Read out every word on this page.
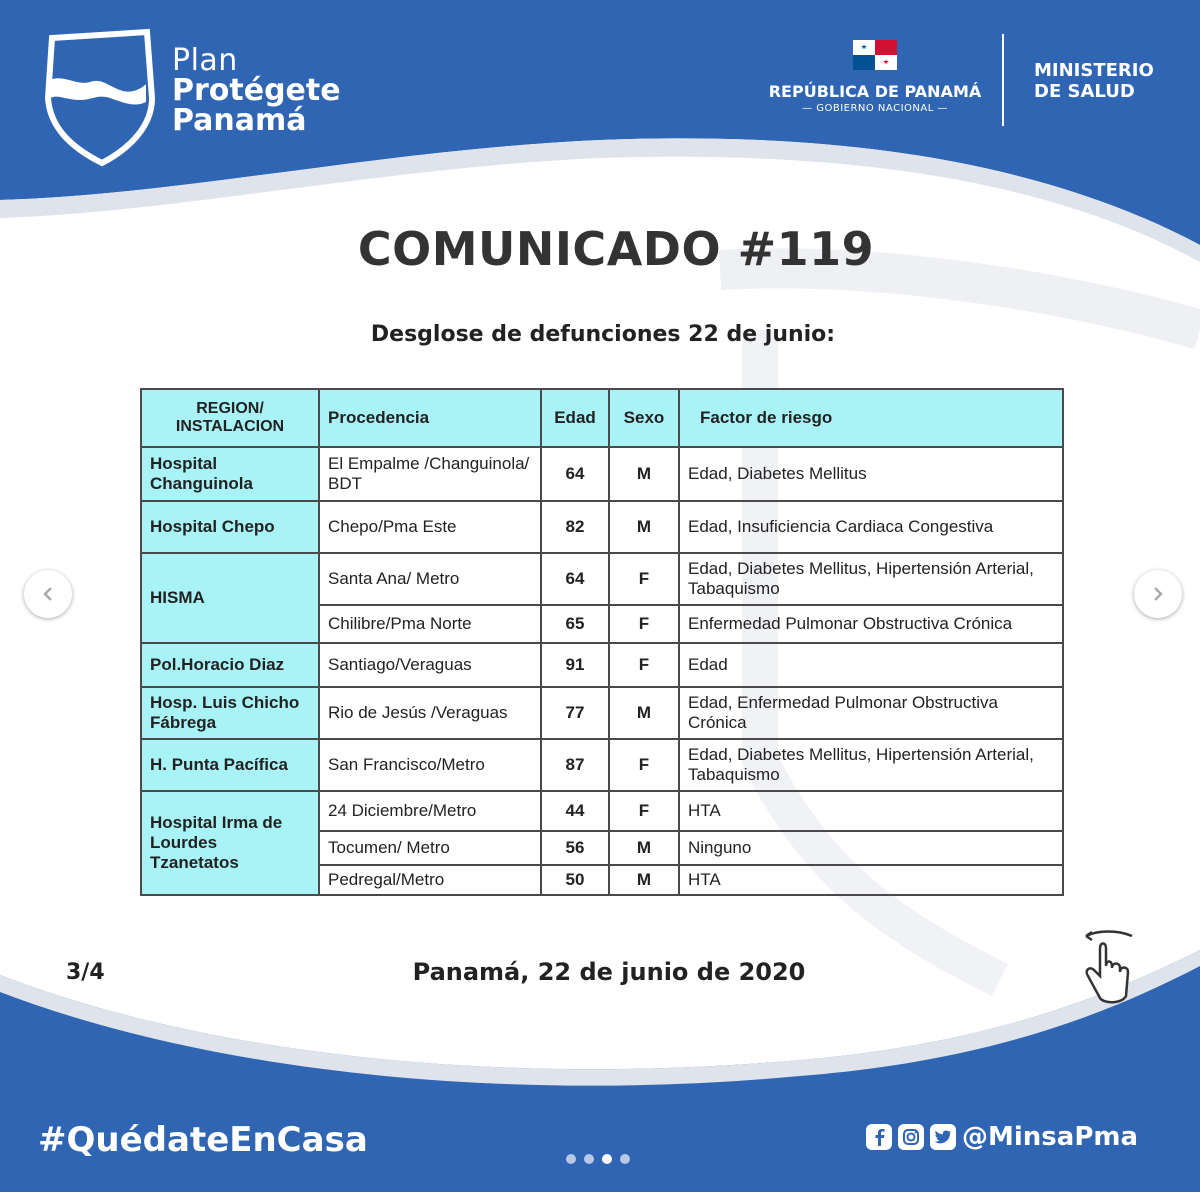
Plan
Protégete
Panamá
REPÚBLICA DE PANAMÁ
— GOBIERNO NACIONAL —
MINISTERIO
DE SALUD
COMUNICADO #119
Desglose de defunciones 22 de junio:
REGION/
INSTALACION	Procedencia	Edad	Sexo	Factor de riesgo
Hospital Changuinola	El Empalme /Changuinola/ BDT	64	M	Edad, Diabetes Mellitus
Hospital Chepo	Chepo/Pma Este	82	M	Edad, Insuficiencia Cardiaca Congestiva
HISMA	Santa Ana/ Metro	64	F	Edad, Diabetes Mellitus, Hipertensión Arterial, Tabaquismo
	Chilibre/Pma Norte	65	F	Enfermedad Pulmonar Obstructiva Crónica
Pol.Horacio Diaz	Santiago/Veraguas	91	F	Edad
Hosp. Luis Chicho Fábrega	Rio de Jesús /Veraguas	77	M	Edad, Enfermedad Pulmonar Obstructiva Crónica
H. Punta Pacífica	San Francisco/Metro	87	F	Edad, Diabetes Mellitus, Hipertensión Arterial, Tabaquismo
Hospital Irma de Lourdes Tzanetatos	24 Diciembre/Metro	44	F	HTA
	Tocumen/ Metro	56	M	Ninguno
	Pedregal/Metro	50	M	HTA
3/4	Panamá, 22 de junio de 2020
#QuédateEnCasa	@MinsaPma
